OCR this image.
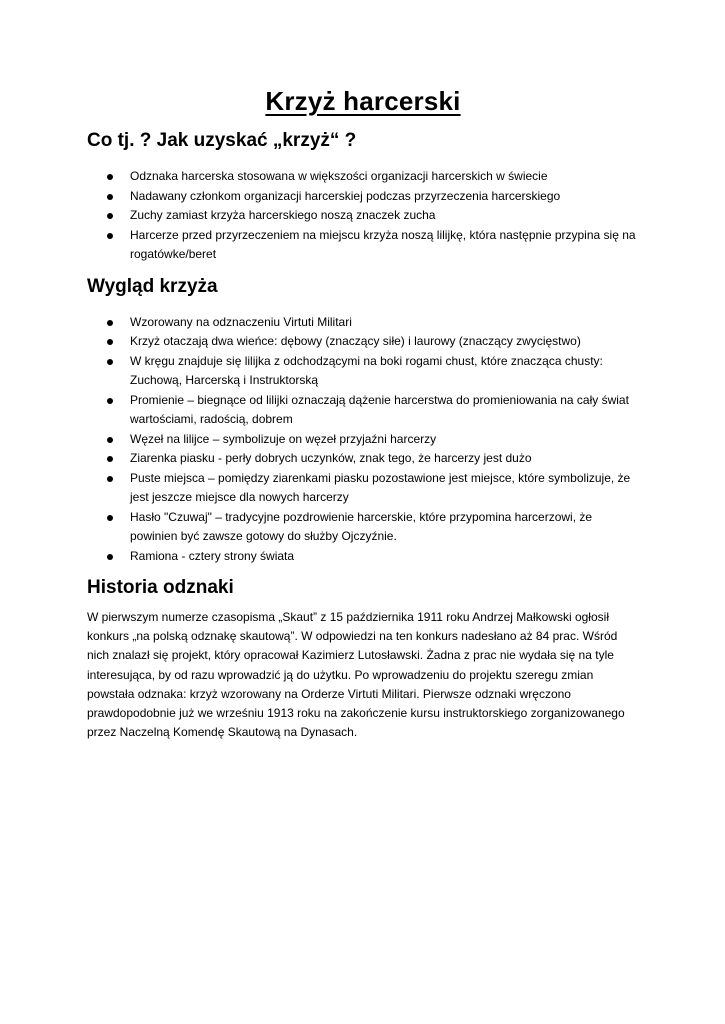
Krzyż harcerski
Co tj. ? Jak uzyskać „krzyż“ ?
Odznaka harcerska stosowana w większości organizacji harcerskich w świecie
Nadawany członkom organizacji harcerskiej podczas przyrzeczenia harcerskiego
Zuchy zamiast krzyża harcerskiego noszą znaczek zucha
Harcerze przed przyrzeczeniem na miejscu krzyża noszą lilijkę, która następnie przypina się na rogatówke/beret
Wygląd krzyża
Wzorowany na odznaczeniu Virtuti Militari
Krzyż otaczają dwa wieńce: dębowy (znaczący siłe) i laurowy (znaczący zwycięstwo)
W kręgu znajduje się lilijka z odchodzącymi na boki rogami chust, które znacząca chusty: Zuchową, Harcerską i Instruktorską
Promienie – biegnące od lilijki oznaczają dążenie harcerstwa do promieniowania na cały świat wartościami, radością, dobrem
Węzeł na lilijce – symbolizuje on węzeł przyjaźni harcerzy
Ziarenka piasku - perły dobrych uczynków, znak tego, że harcerzy jest dużo
Puste miejsca – pomiędzy ziarenkami piasku pozostawione jest miejsce, które symbolizuje, że jest jeszcze miejsce dla nowych harcerzy
Hasło "Czuwaj" – tradycyjne pozdrowienie harcerskie, które przypomina harcerzowi, że powinien być zawsze gotowy do służby Ojczyźnie.
Ramiona - cztery strony świata
Historia odznaki

W pierwszym numerze czasopisma „Skaut” z 15 października 1911 roku Andrzej Małkowski ogłosił konkurs „na polską odznakę skautową”. W odpowiedzi na ten konkurs nadesłano aż 84 prac. Wśród nich znalazł się projekt, który opracował Kazimierz Lutosławski. Żadna z prac nie wydała się na tyle interesująca, by od razu wprowadzić ją do użytku. Po wprowadzeniu do projektu szeregu zmian powstała odznaka: krzyż wzorowany na Orderze Virtuti Militari. Pierwsze odznaki wręczono prawdopodobnie już we wrześniu 1913 roku na zakończenie kursu instruktorskiego zorganizowanego przez Naczelną Komendę Skautową na Dynasach.
